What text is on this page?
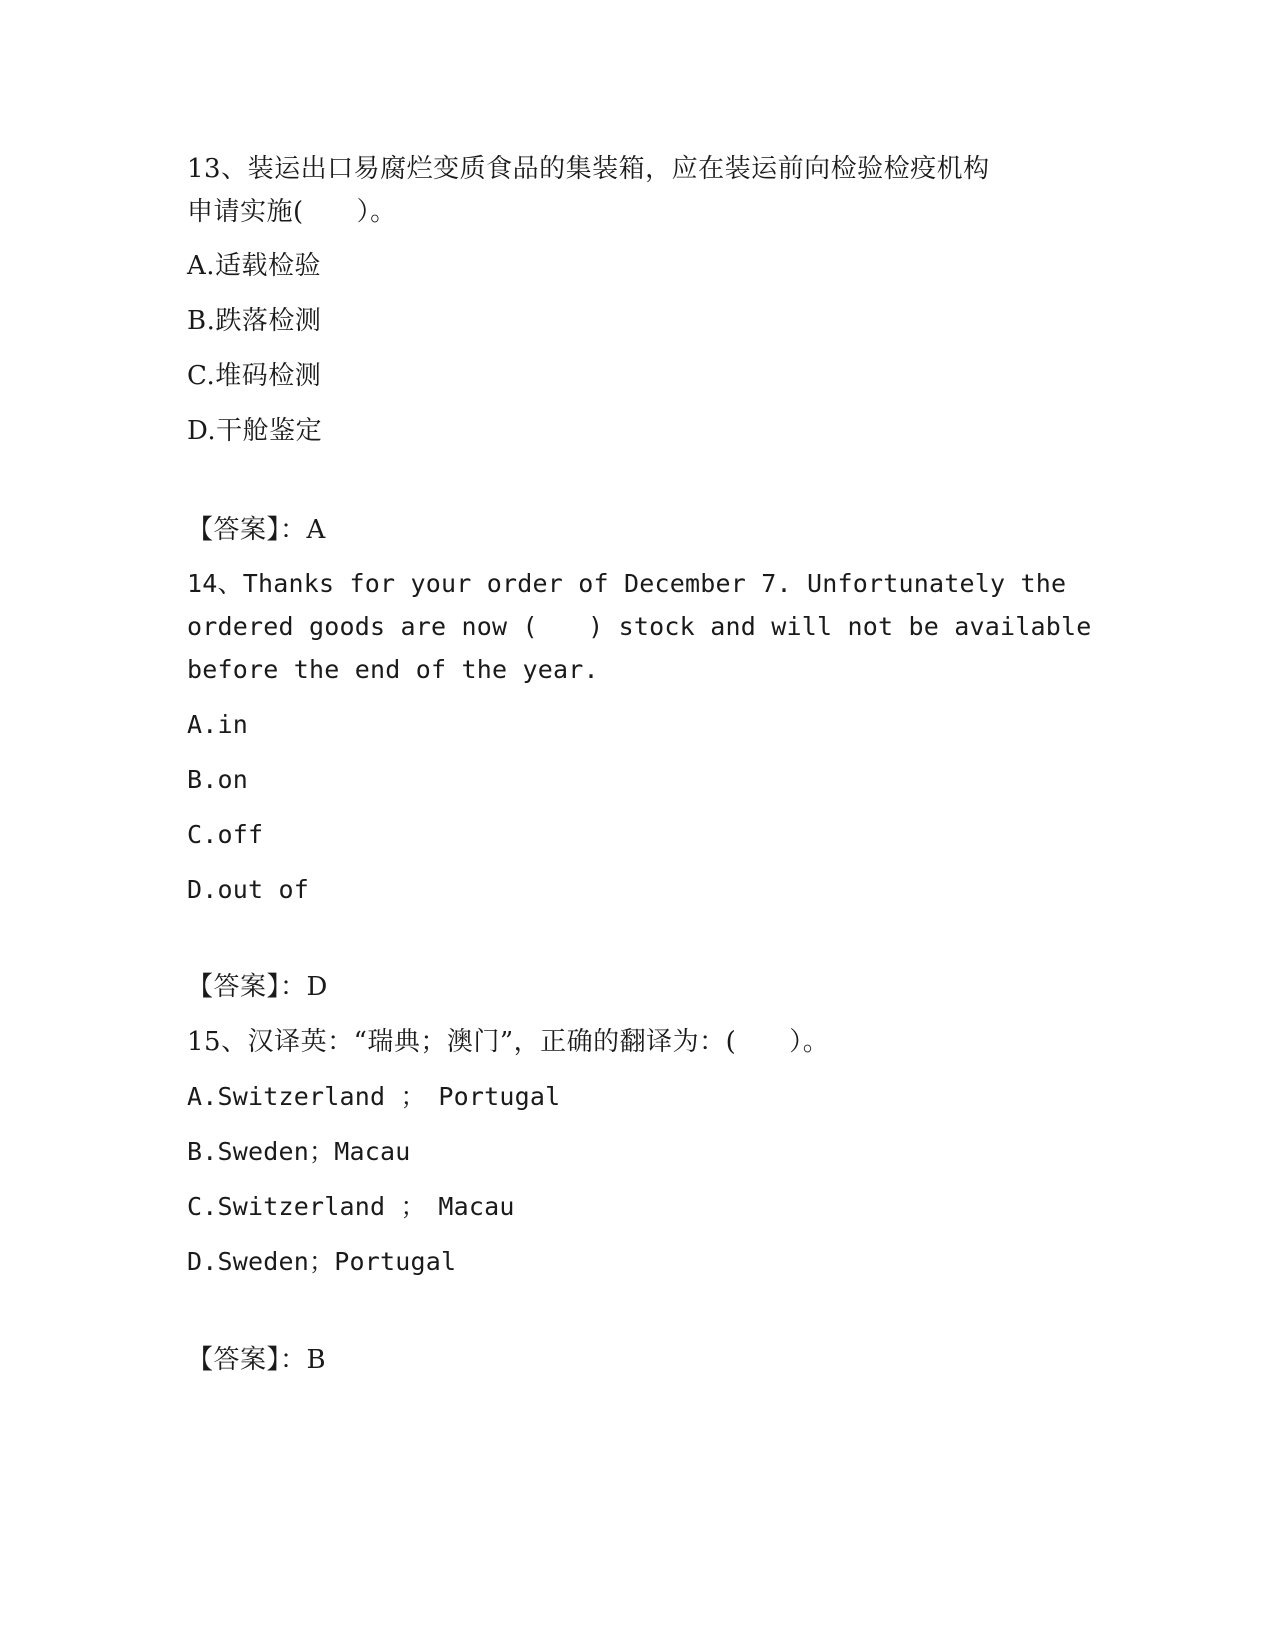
13、装运出口易腐烂变质食品的集装箱，应在装运前向检验检疫机构
申请实施(　　）。
A.适载检验
B.跌落检测
C.堆码检测
D.干舱鉴定
【答案】：A
14、Thanks for your order of December 7. Unfortunately the
ordered goods are now (　　) stock and will not be available
before the end of the year.
A.in
B.on
C.off
D.out of
【答案】：D
15、汉译英：“瑞典；澳门”，正确的翻译为：(　　）。
A.Switzerland ；　Portugal
B.Sweden；Macau
C.Switzerland ；　Macau
D.Sweden；Portugal
【答案】：B
